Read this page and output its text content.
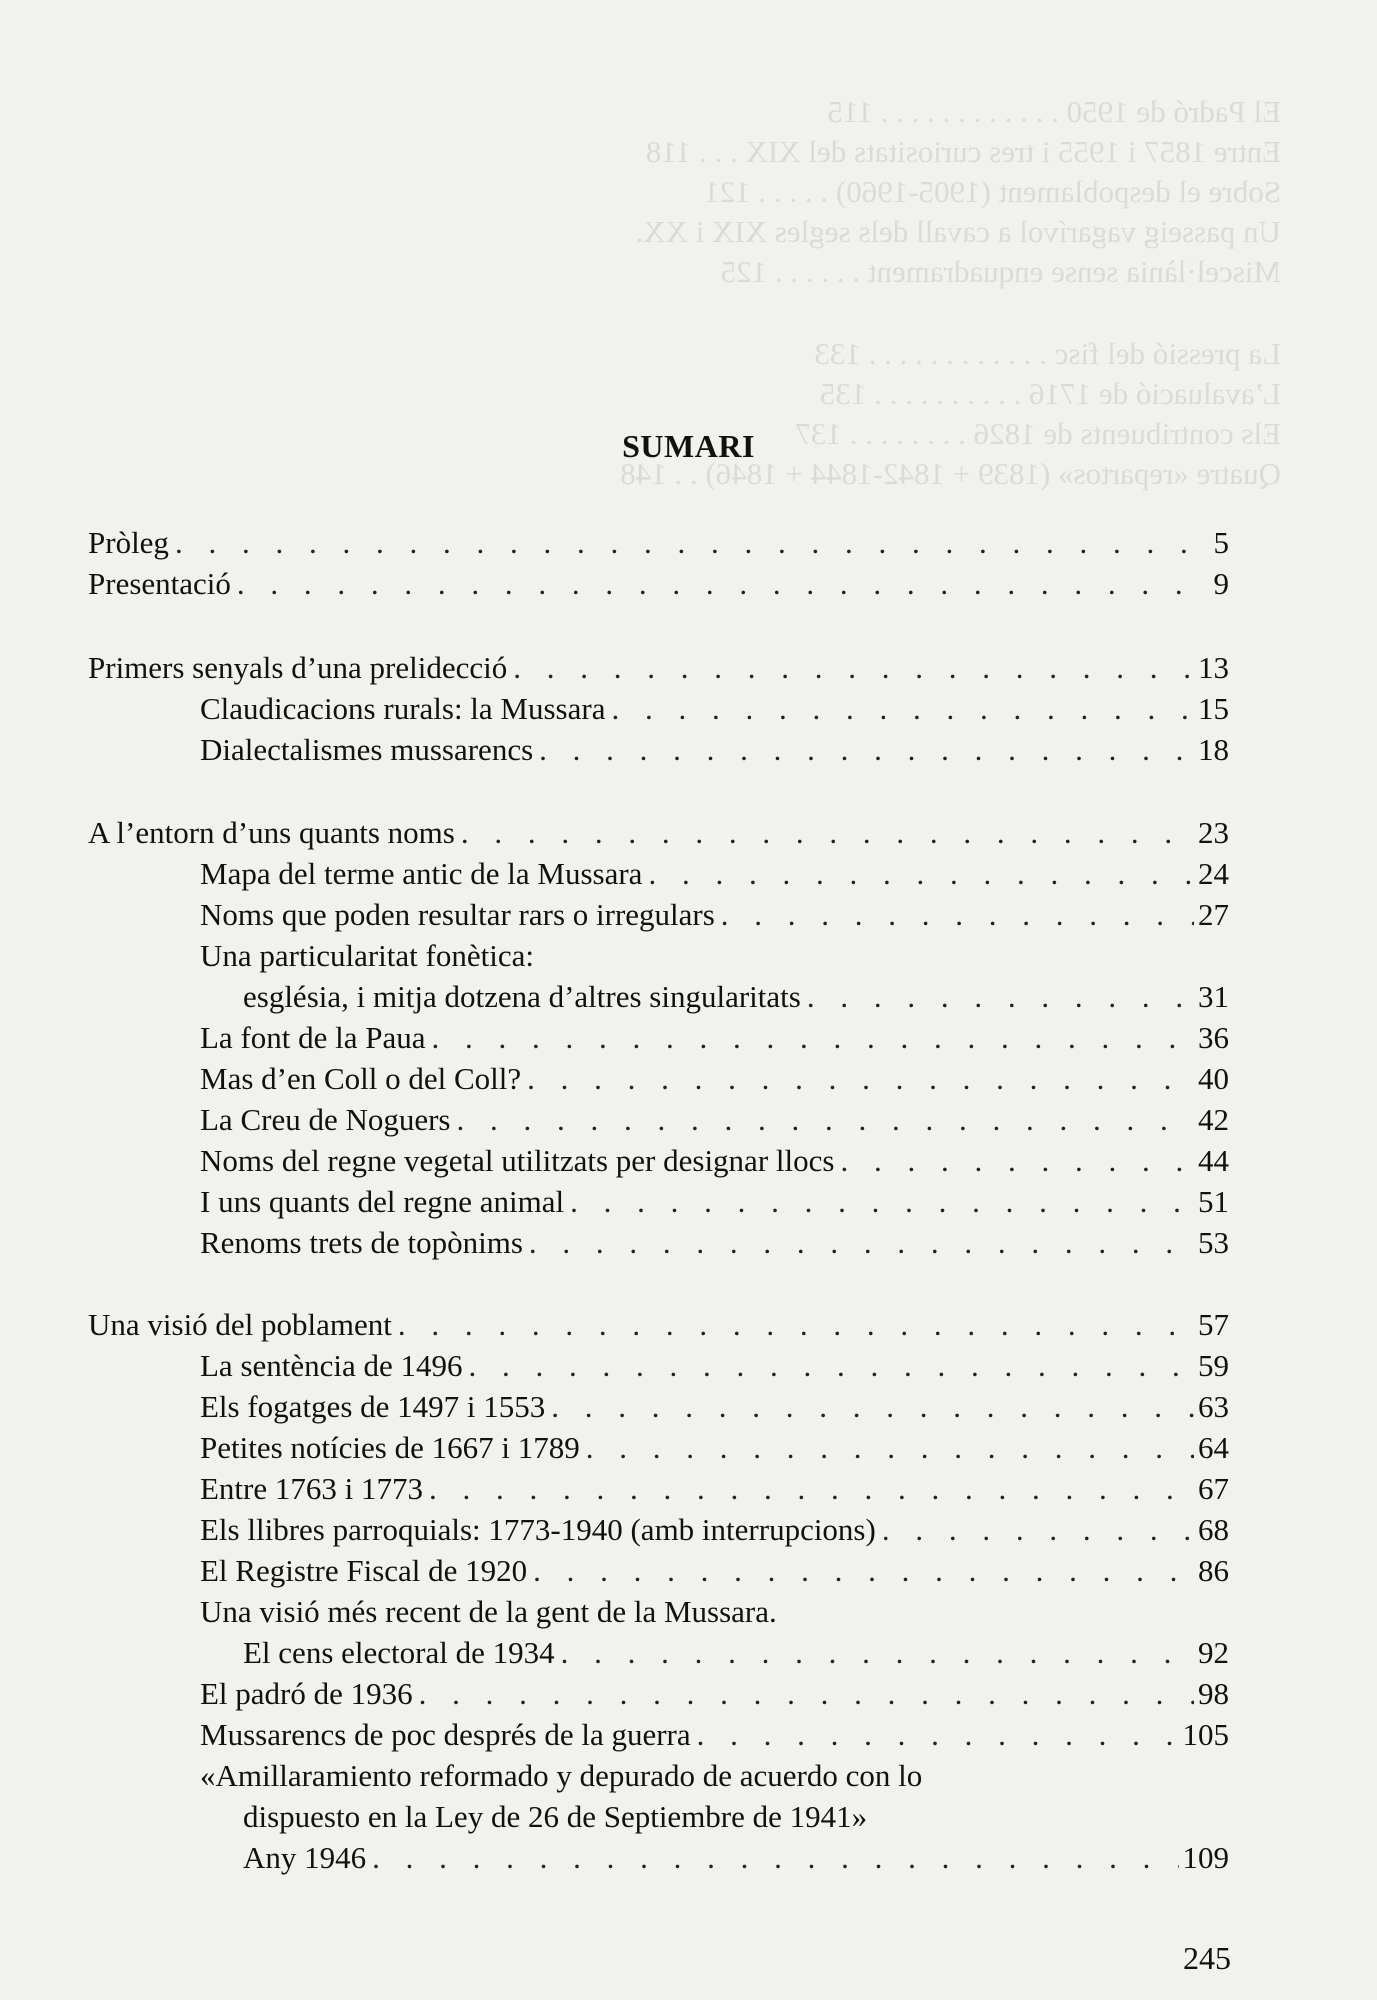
El Padró de 1950 . . . . . . . . . . . . 115
Entre 1857 i 1955 i tres curiositats del XIX . . . 118
Sobre el despoblament (1905-1960) . . . . . 121
Un passeig vagarívol a cavall dels segles XIX i XX.
Miscel·lània sense enquadrament . . . . . . 125
La pressió del fisc . . . . . . . . . . . . 133
L’avaluació de 1716 . . . . . . . . . . 135
Els contribuents de 1826 . . . . . . . . 137
Quatre «repartos» (1839 + 1842-1844 + 1846) . . 148
SUMARI
Pròleg . . .	5
Presentació . . .	9
Primers senyals d’una prelidecció . . .	13
Claudicacions rurals: la Mussara . . .	15
Dialectalismes mussarencs . . .	18
A l’entorn d’uns quants noms . . .	23
Mapa del terme antic de la Mussara . . .	24
Noms que poden resultar rars o irregulars . . .	27
Una particularitat fonètica:
església, i mitja dotzena d’altres singularitats . . .	31
La font de la Paua . . .	36
Mas d’en Coll o del Coll? . . .	40
La Creu de Noguers . . .	42
Noms del regne vegetal utilitzats per designar llocs . . .	44
I uns quants del regne animal . . .	51
Renoms trets de topònims . . .	53
Una visió del poblament . . .	57
La sentència de 1496 . . .	59
Els fogatges de 1497 i 1553 . . .	63
Petites notícies de 1667 i 1789 . . .	64
Entre 1763 i 1773 . . .	67
Els llibres parroquials: 1773-1940 (amb interrupcions) . . .	68
El Registre Fiscal de 1920 . . .	86
Una visió més recent de la gent de la Mussara.
El cens electoral de 1934 . . .	92
El padró de 1936 . . .	98
Mussarencs de poc després de la guerra . . .	105
«Amillaramiento reformado y depurado de acuerdo con lo
dispuesto en la Ley de 26 de Septiembre de 1941»
Any 1946 . . .	109
245
